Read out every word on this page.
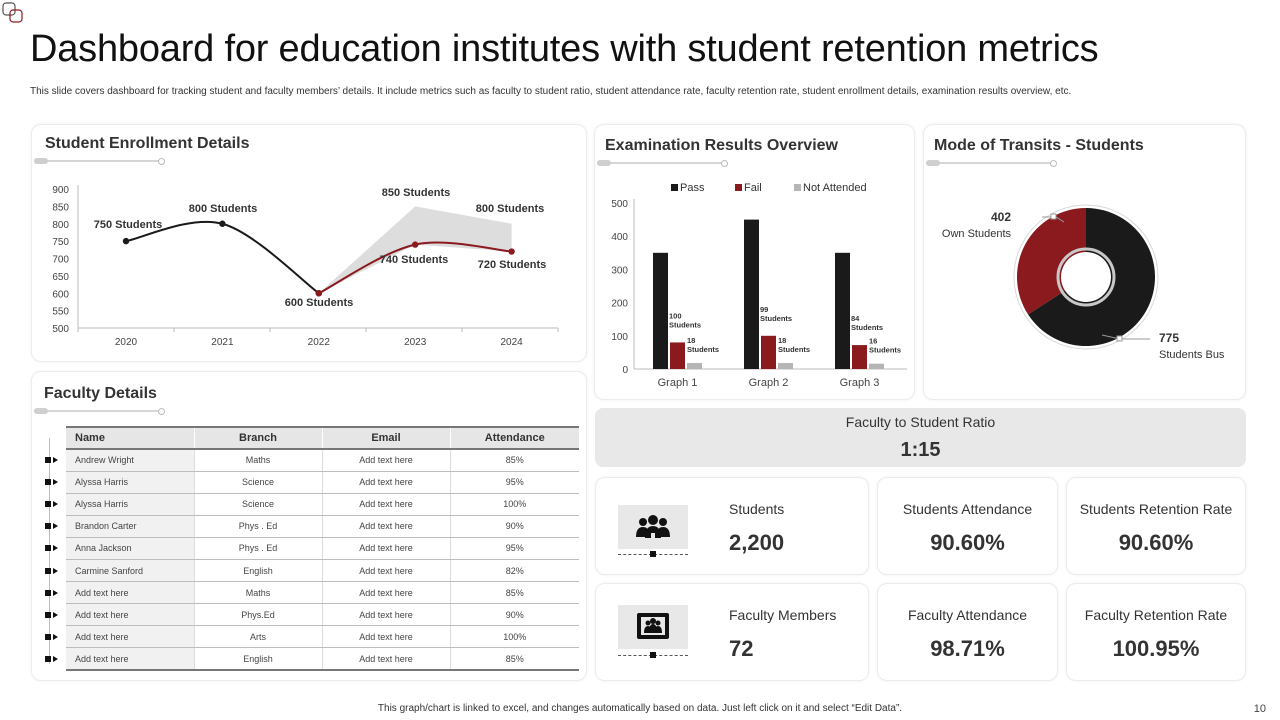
Dashboard for education institutes with student retention metrics
This slide covers dashboard for tracking student and faculty members’ details. It include metrics such as faculty to student ratio, student attendance rate, faculty retention rate, student enrollment details, examination results overview, etc.
Student Enrollment Details
900
850
800
750
700
650
600
550
500
2020	2021	2022	2023	2024
750 Students
800 Students
600 Students
850 Students
740 Students
800 Students
720 Students
Examination Results Overview
500
400
300
200
100
0
Pass	Fail	Not Attended
Graph 1	Graph 2	Graph 3
100
Students
18
Students
99
Students
18
Students
84
Students
16
Students
Mode of Transits - Students
402
Own Students
775
Students Bus
Faculty Details
Name	Branch	Email	Attendance
Andrew Wright	Maths	Add text here	85%
Alyssa Harris	Science	Add text here	95%
Alyssa Harris	Science	Add text here	100%
Brandon Carter	Phys . Ed	Add text here	90%
Anna Jackson	Phys . Ed	Add text here	95%
Carmine Sanford	English	Add text here	82%
Add text here	Maths	Add text here	85%
Add text here	Phys.Ed	Add text here	90%
Add text here	Arts	Add text here	100%
Add text here	English	Add text here	85%
Faculty to Student Ratio
1:15
Students
2,200
Students Attendance
90.60%
Students Retention Rate
90.60%
Faculty Members
72
Faculty Attendance
98.71%
Faculty Retention Rate
100.95%
This graph/chart is linked to excel, and changes automatically based on data. Just left click on it and select “Edit Data”.	10
